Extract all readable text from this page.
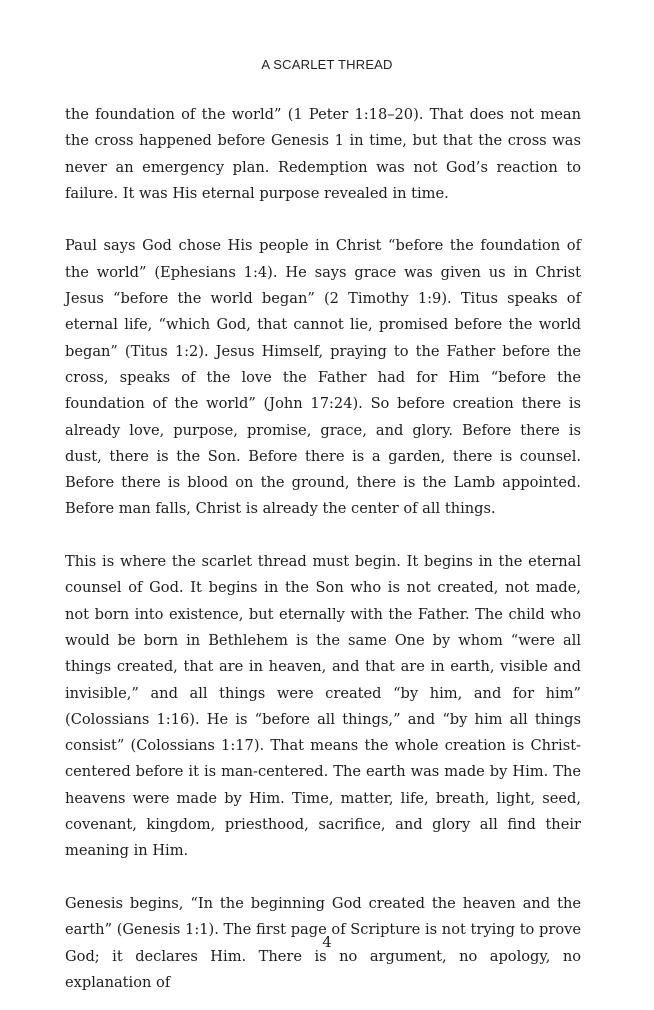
A SCARLET THREAD

the foundation of the world” (1 Peter 1:18–20). That does not mean the cross happened before Genesis 1 in time, but that the cross was never an emergency plan. Redemption was not God’s reaction to failure. It was His eternal purpose revealed in time.

Paul says God chose His people in Christ “before the foundation of the world” (Ephesians 1:4). He says grace was given us in Christ Jesus “before the world began” (2 Timothy 1:9). Titus speaks of eternal life, “which God, that cannot lie, promised before the world began” (Titus 1:2). Jesus Himself, praying to the Father before the cross, speaks of the love the Father had for Him “before the foundation of the world” (John 17:24). So before creation there is already love, purpose, promise, grace, and glory. Before there is dust, there is the Son. Before there is a garden, there is counsel. Before there is blood on the ground, there is the Lamb appointed. Before man falls, Christ is already the center of all things.

This is where the scarlet thread must begin. It begins in the eternal counsel of God. It begins in the Son who is not created, not made, not born into existence, but eternally with the Father. The child who would be born in Bethlehem is the same One by whom “were all things created, that are in heaven, and that are in earth, visible and invisible,” and all things were created “by him, and for him” (Colossians 1:16). He is “before all things,” and “by him all things consist” (Colossians 1:17). That means the whole creation is Christ-centered before it is man-centered. The earth was made by Him. The heavens were made by Him. Time, matter, life, breath, light, seed, covenant, kingdom, priesthood, sacrifice, and glory all find their meaning in Him.

Genesis begins, “In the beginning God created the heaven and the earth” (Genesis 1:1). The first page of Scripture is not trying to prove God; it declares Him. There is no argument, no apology, no explanation of

4
